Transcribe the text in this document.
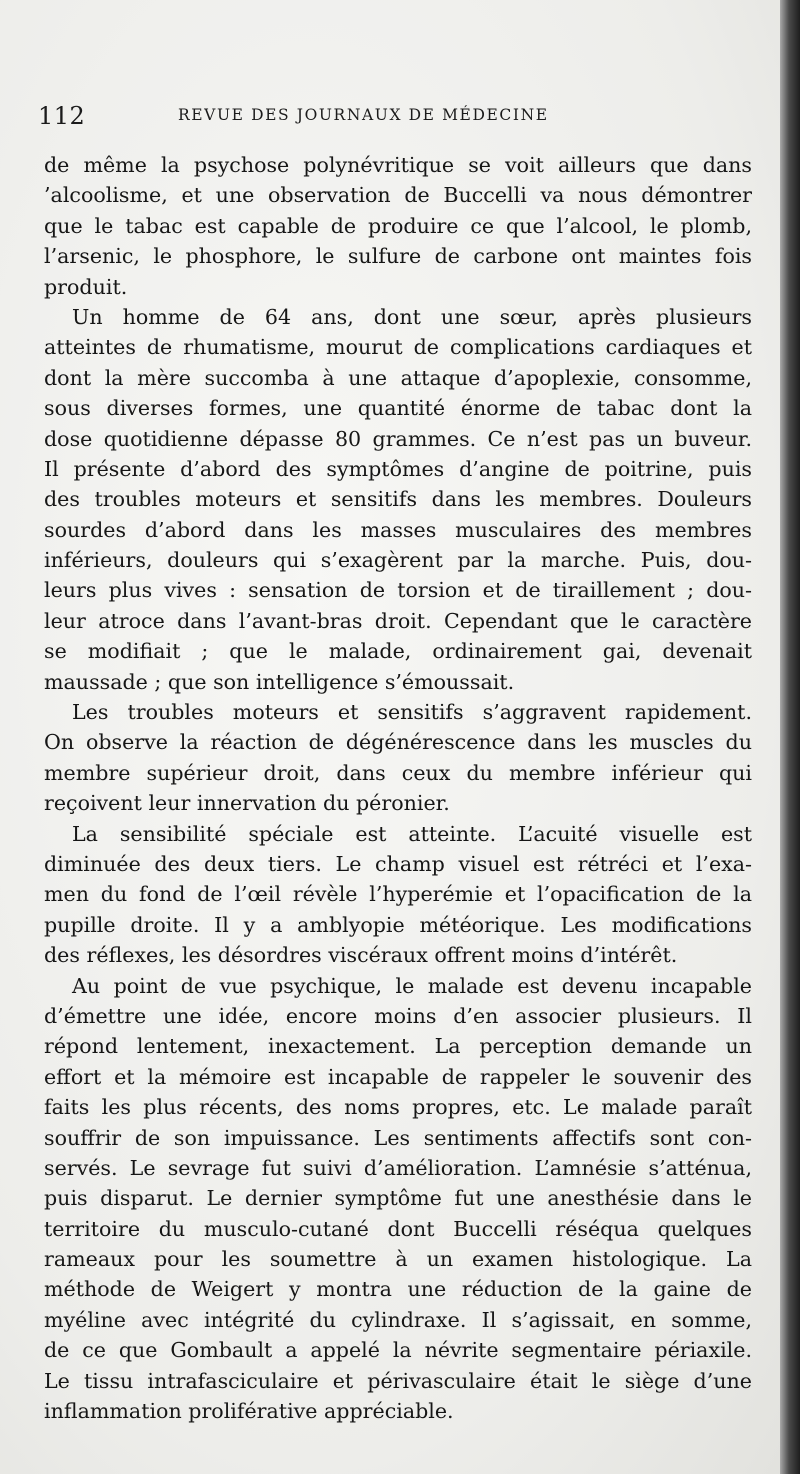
112	REVUE DES JOURNAUX DE MÉDECINE
de même la psychose polynévritique se voit ailleurs que dans
’alcoolisme, et une observation de Buccelli va nous démontrer
que le tabac est capable de produire ce que l’alcool, le plomb,
l’arsenic, le phosphore, le sulfure de carbone ont maintes fois
produit.
Un homme de 64 ans, dont une sœur, après plusieurs
atteintes de rhumatisme, mourut de complications cardiaques et
dont la mère succomba à une attaque d’apoplexie, consomme,
sous diverses formes, une quantité énorme de tabac dont la
dose quotidienne dépasse 80 grammes. Ce n’est pas un buveur.
Il présente d’abord des symptômes d’angine de poitrine, puis
des troubles moteurs et sensitifs dans les membres. Douleurs
sourdes d’abord dans les masses musculaires des membres
inférieurs, douleurs qui s’exagèrent par la marche. Puis, dou-
leurs plus vives : sensation de torsion et de tiraillement ; dou-
leur atroce dans l’avant-bras droit. Cependant que le caractère
se modifiait ; que le malade, ordinairement gai, devenait
maussade ; que son intelligence s’émoussait.
Les troubles moteurs et sensitifs s’aggravent rapidement.
On observe la réaction de dégénérescence dans les muscles du
membre supérieur droit, dans ceux du membre inférieur qui
reçoivent leur innervation du péronier.
La sensibilité spéciale est atteinte. L’acuité visuelle est
diminuée des deux tiers. Le champ visuel est rétréci et l’exa-
men du fond de l’œil révèle l’hyperémie et l’opacification de la
pupille droite. Il y a amblyopie météorique. Les modifications
des réflexes, les désordres viscéraux offrent moins d’intérêt.
Au point de vue psychique, le malade est devenu incapable
d’émettre une idée, encore moins d’en associer plusieurs. Il
répond lentement, inexactement. La perception demande un
effort et la mémoire est incapable de rappeler le souvenir des
faits les plus récents, des noms propres, etc. Le malade paraît
souffrir de son impuissance. Les sentiments affectifs sont con-
servés. Le sevrage fut suivi d’amélioration. L’amnésie s’atténua,
puis disparut. Le dernier symptôme fut une anesthésie dans le
territoire du musculo-cutané dont Buccelli réséqua quelques
rameaux pour les soumettre à un examen histologique. La
méthode de Weigert y montra une réduction de la gaine de
myéline avec intégrité du cylindraxe. Il s’agissait, en somme,
de ce que Gombault a appelé la névrite segmentaire périaxile.
Le tissu intrafasciculaire et périvasculaire était le siège d’une
inflammation proliférative appréciable.
